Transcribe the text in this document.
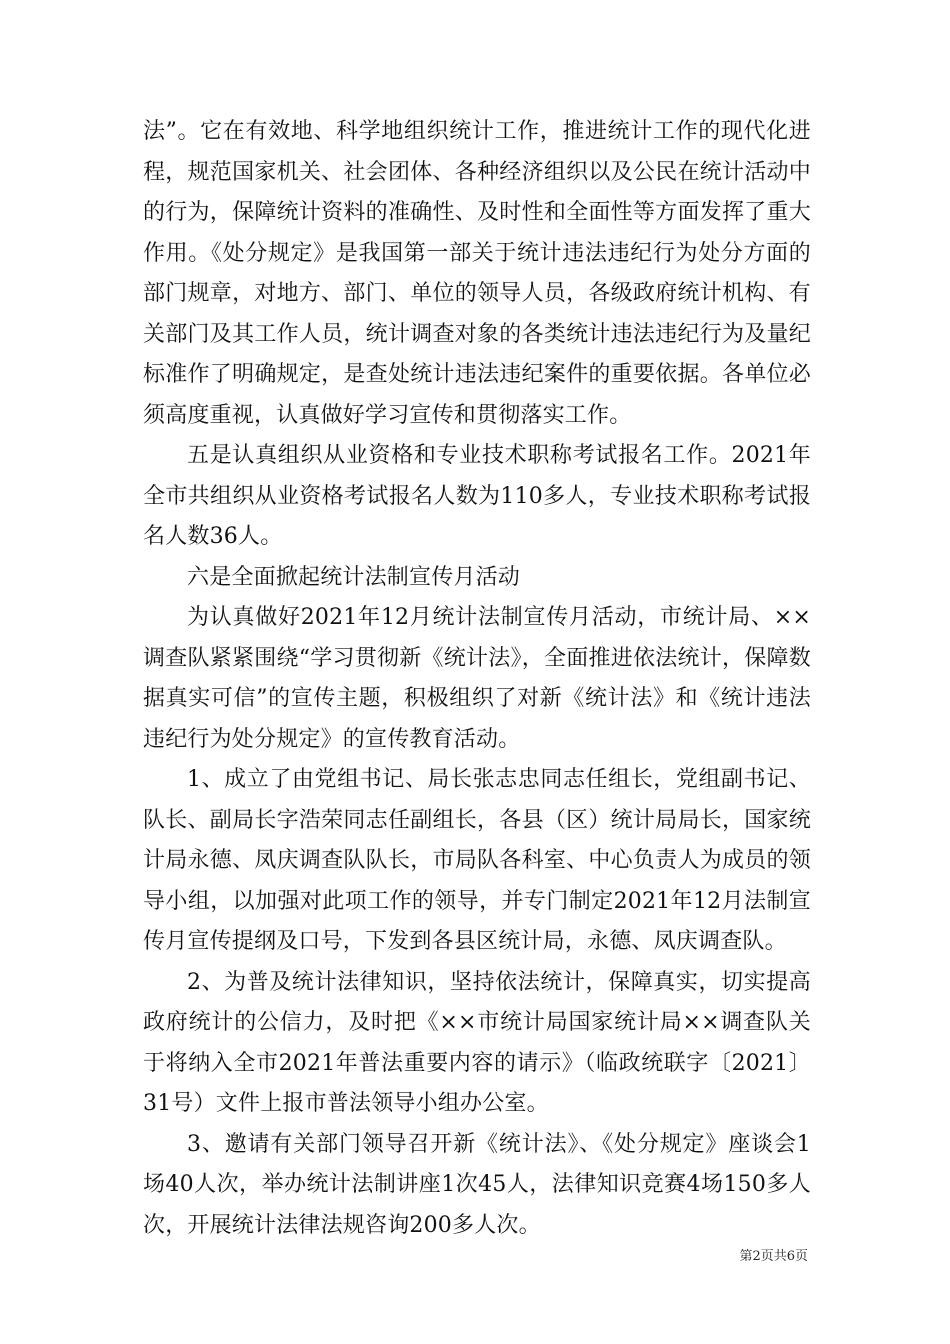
法”。它在有效地、科学地组织统计工作，推进统计工作的现代化进程，规范国家机关、社会团体、各种经济组织以及公民在统计活动中的行为，保障统计资料的准确性、及时性和全面性等方面发挥了重大作用。《处分规定》是我国第一部关于统计违法违纪行为处分方面的部门规章，对地方、部门、单位的领导人员，各级政府统计机构、有关部门及其工作人员，统计调查对象的各类统计违法违纪行为及量纪标准作了明确规定，是查处统计违法违纪案件的重要依据。各单位必须高度重视，认真做好学习宣传和贯彻落实工作。

五是认真组织从业资格和专业技术职称考试报名工作。2021年全市共组织从业资格考试报名人数为110多人，专业技术职称考试报名人数36人。

六是全面掀起统计法制宣传月活动

为认真做好2021年12月统计法制宣传月活动，市统计局、××调查队紧紧围绕“学习贯彻新《统计法》，全面推进依法统计，保障数据真实可信”的宣传主题，积极组织了对新《统计法》和《统计违法违纪行为处分规定》的宣传教育活动。

1、成立了由党组书记、局长张志忠同志任组长，党组副书记、队长、副局长字浩荣同志任副组长，各县（区）统计局局长，国家统计局永德、凤庆调查队队长，市局队各科室、中心负责人为成员的领导小组，以加强对此项工作的领导，并专门制定2021年12月法制宣传月宣传提纲及口号，下发到各县区统计局，永德、凤庆调查队。

2、为普及统计法律知识，坚持依法统计，保障真实，切实提高政府统计的公信力，及时把《××市统计局国家统计局××调查队关于将纳入全市2021年普法重要内容的请示》（临政统联字〔2021〕31号）文件上报市普法领导小组办公室。

3、邀请有关部门领导召开新《统计法》、《处分规定》座谈会1场40人次，举办统计法制讲座1次45人，法律知识竞赛4场150多人次，开展统计法律法规咨询200多人次。

第2页共6页
